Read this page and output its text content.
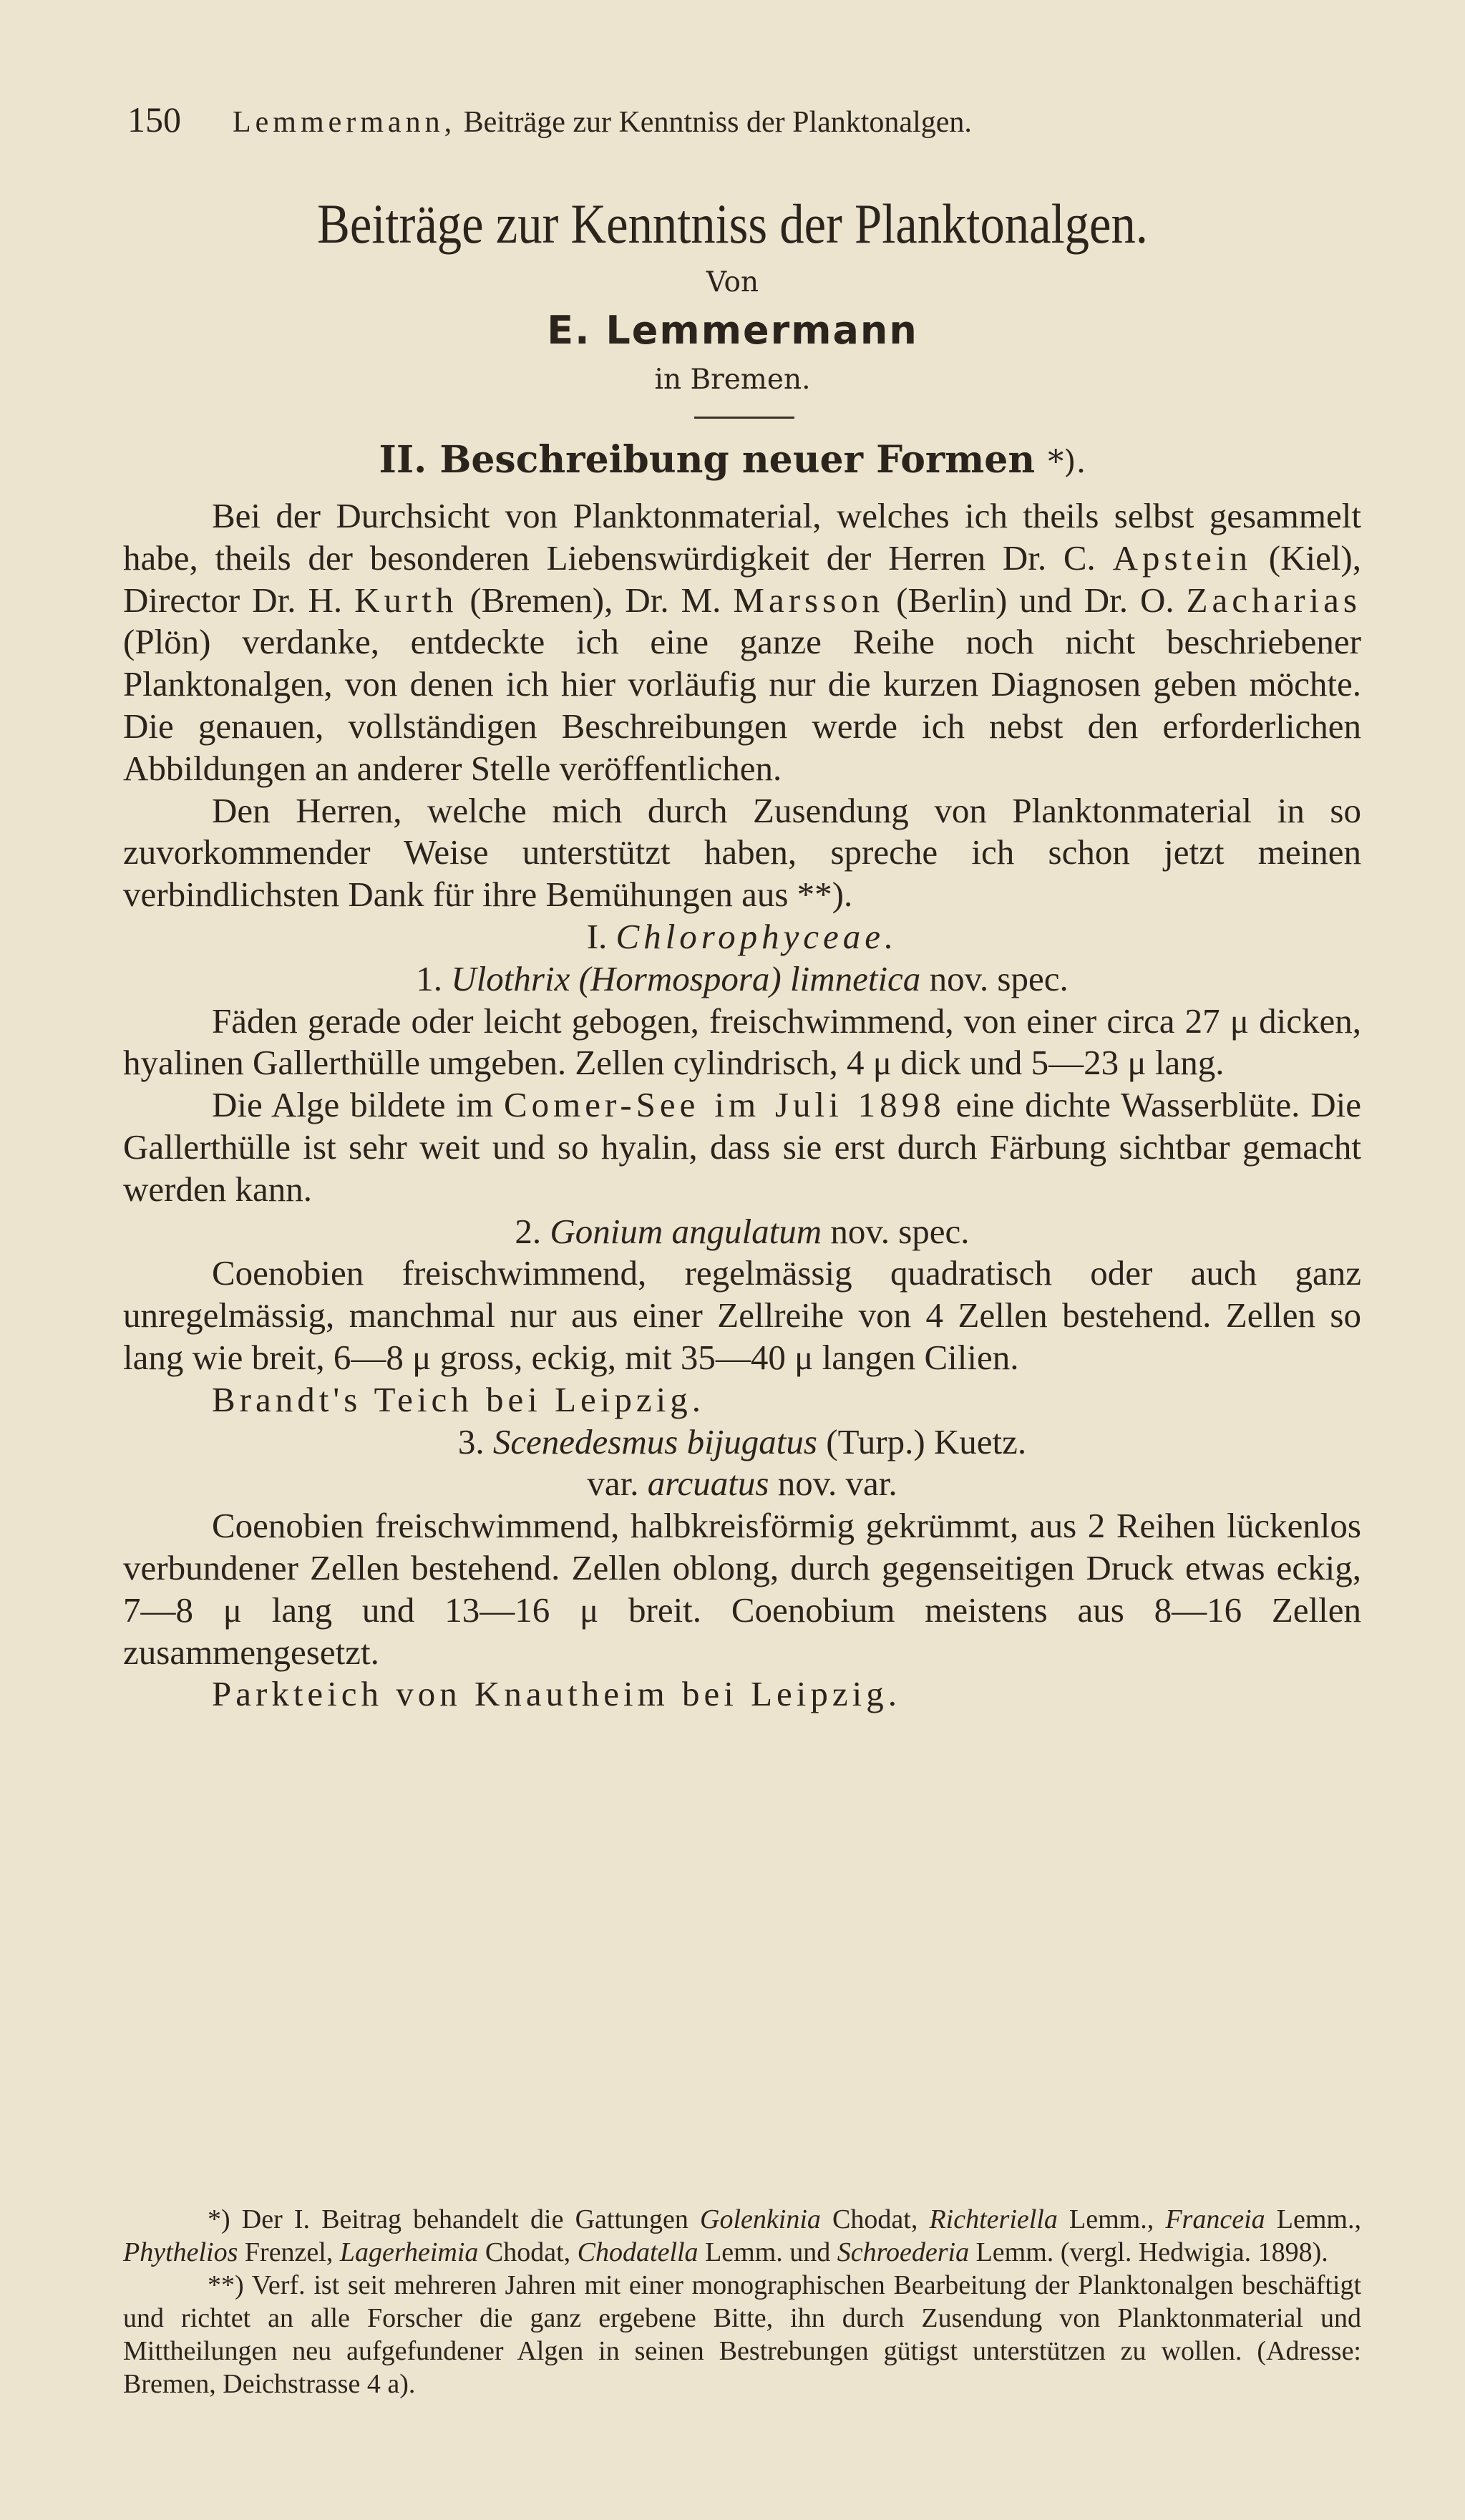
150 Lemmermann, Beiträge zur Kenntniss der Planktonalgen.
Beiträge zur Kenntniss der Planktonalgen.
Von
E. Lemmermann
in Bremen.
II. Beschreibung neuer Formen *).

Bei der Durchsicht von Planktonmaterial, welches ich theils selbst gesammelt habe, theils der besonderen Liebenswürdigkeit der Herren Dr. C. Apstein (Kiel), Director Dr. H. Kurth (Bremen), Dr. M. Marsson (Berlin) und Dr. O. Zacharias (Plön) verdanke, entdeckte ich eine ganze Reihe noch nicht beschriebener Planktonalgen, von denen ich hier vorläufig nur die kurzen Diagnosen geben möchte. Die genauen, vollständigen Beschreibungen werde ich nebst den erforderlichen Abbildungen an anderer Stelle veröffentlichen.

Den Herren, welche mich durch Zusendung von Planktonmaterial in so zuvorkommender Weise unterstützt haben, spreche ich schon jetzt meinen verbindlichsten Dank für ihre Bemühungen aus **).

I. Chlorophyceae.

1. Ulothrix (Hormospora) limnetica nov. spec.

Fäden gerade oder leicht gebogen, freischwimmend, von einer circa 27 μ dicken, hyalinen Gallerthülle umgeben. Zellen cylindrisch, 4 μ dick und 5—23 μ lang.

Die Alge bildete im Comer-See im Juli 1898 eine dichte Wasserblüte. Die Gallerthülle ist sehr weit und so hyalin, dass sie erst durch Färbung sichtbar gemacht werden kann.

2. Gonium angulatum nov. spec.

Coenobien freischwimmend, regelmässig quadratisch oder auch ganz unregelmässig, manchmal nur aus einer Zellreihe von 4 Zellen bestehend. Zellen so lang wie breit, 6—8 μ gross, eckig, mit 35—40 μ langen Cilien.

Brandt's Teich bei Leipzig.

3. Scenedesmus bijugatus (Turp.) Kuetz.

var. arcuatus nov. var.

Coenobien freischwimmend, halbkreisförmig gekrümmt, aus 2 Reihen lückenlos verbundener Zellen bestehend. Zellen oblong, durch gegenseitigen Druck etwas eckig, 7—8 μ lang und 13—16 μ breit. Coenobium meistens aus 8—16 Zellen zusammengesetzt.

Parkteich von Knautheim bei Leipzig.

*) Der I. Beitrag behandelt die Gattungen Golenkinia Chodat, Richteriella Lemm., Franceia Lemm., Phythelios Frenzel, Lagerheimia Chodat, Chodatella Lemm. und Schroederia Lemm. (vergl. Hedwigia. 1898).

**) Verf. ist seit mehreren Jahren mit einer monographischen Bearbeitung der Planktonalgen beschäftigt und richtet an alle Forscher die ganz ergebene Bitte, ihn durch Zusendung von Planktonmaterial und Mittheilungen neu aufgefundener Algen in seinen Bestrebungen gütigst unterstützen zu wollen. (Adresse: Bremen, Deichstrasse 4 a).
